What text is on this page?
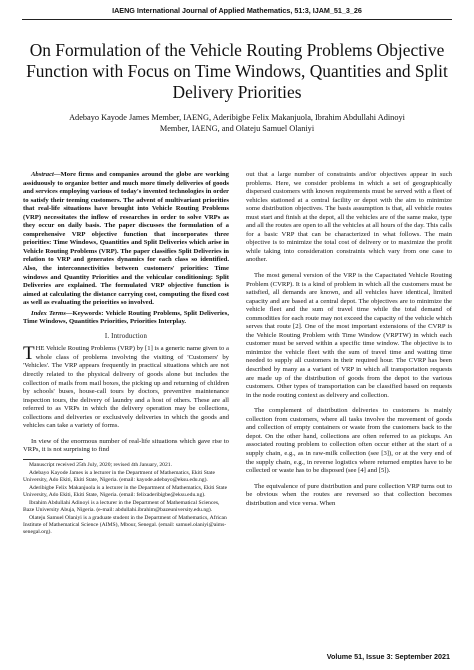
IAENG International Journal of Applied Mathematics, 51:3, IJAM_51_3_26
On Formulation of the Vehicle Routing Problems Objective Function with Focus on Time Windows, Quantities and Split Delivery Priorities
Adebayo Kayode James Member, IAENG, Aderibigbe Felix Makanjuola, Ibrahim Abdullahi Adinoyi Member, IAENG, and Olateju Samuel Olaniyi

Abstract—More firms and companies around the globe are working assiduously to organize better and much more timely deliveries of goods and services employing various of today's invented technologies in order to satisfy their teeming customers. The advent of multivariant priorities that real-life situations have brought into Vehicle Routing Problems (VRP) necessitates the inflow of researches in order to solve VRPs as they occur on daily basis. The paper discusses the formulation of a comprehensive VRP objective function that incorporates three priorities: Time Windows, Quantities and Split Deliveries which arise in Vehicle Routing Problems (VRP). The paper classifies Split Deliveries in relation to VRP and generates dynamics for each class so identified. Also, the interconnectivities between customers' priorities: Time windows and Quantity Priorities and the vehicular conditioning: Split Deliveries are explained. The formulated VRP objective function is aimed at calculating the distance carrying cost, computing the fixed cost as well as evaluating the priorities so involved.

Index Terms—Keywords: Vehicle Routing Problems, Split Deliveries, Time Windows, Quantities Priorities, Priorities Interplay.

I. Introduction

THE Vehicle Routing Problems (VRP) by [1] is a generic name given to a whole class of problems involving the visiting of 'Customers' by 'Vehicles'. The VRP appears frequently in practical situations which are not directly related to the physical delivery of goods alone but includes the collection of mails from mail boxes, the picking up and returning of children by schools' buses, house-call tours by doctors, preventive maintenance inspection tours, the delivery of laundry and a host of others. These are all referred to as VRPs in which the delivery operation may be collections, collections and deliveries or exclusively deliveries in which the goods and vehicles can take a variety of forms.

In view of the enormous number of real-life situations which gave rise to VRPs, it is not surprising to find

Manuscript received 25th July, 2020; revised 4th January, 2021.

Adebayo Kayode James is a lecturer in the Department of Mathematics, Ekiti State University, Ado Ekiti, Ekiti State, Nigeria. (email: kayode.adebayo@eksu.edu.ng).

Aderibigbe Felix Makanjuola is a lecturer in the Department of Mathematics, Ekiti State University, Ado Ekiti, Ekiti State, Nigeria. (email: felixaderibigbe@eksu.edu.ng).

Ibrahim Abdullahi Adinoyi is a lecturer in the Department of Mathematical Sciences, Baze University Abuja, Nigeria. (e-mail: abdullahi.ibrahim@bazeuniversity.edu.ng).

Olateju Samuel Olaniyi is a graduate student in the Department of Mathematics, African Institute of Mathematical Science (AIMS), Mbour, Senegal. (email: samuel.olaniyi@aims-senegal.org).

out that a large number of constraints and/or objectives appear in such problems. Here, we consider problems in which a set of geographically dispersed customers with known requirements must be served with a fleet of vehicles stationed at a central facility or depot with the aim to minimize some distribution objectives. The basis assumption is that, all vehicle routes must start and finish at the depot, all the vehicles are of the same make, type and all the routes are open to all the vehicles at all hours of the day. This calls for a basic VRP that can be characterized in what follows. The main objective is to minimize the total cost of delivery or to maximize the profit while taking into consideration constraints which vary from one case to another.

The most general version of the VRP is the Capacitated Vehicle Routing Problem (CVRP). It is a kind of problem in which all the customers must be satisfied, all demands are known, and all vehicles have identical, limited capacity and are based at a central depot. The objectives are to minimize the vehicle fleet and the sum of travel time while the total demand of commodities for each route may not exceed the capacity of the vehicle which serves that route [2]. One of the most important extensions of the CVRP is the Vehicle Routing Problem with Time Window (VRPTW) in which each customer must be served within a specific time window. The objective is to minimize the vehicle fleet with the sum of travel time and waiting time needed to supply all customers in their required hour. The CVRP has been described by many as a variant of VRP in which all transportation requests are made up of the distribution of goods from the depot to the various customers. Other types of transportation can be classified based on requests in the node routing context as delivery and collection.

The complement of distribution deliveries to customers is mainly collection from customers, where all tasks involve the movement of goods and collection of empty containers or waste from the customers back to the depot. On the other hand, collections are often referred to as pickups. An associated routing problem to collection often occur either at the start of a supply chain, e.g., as in raw-milk collection (see [3]), or at the very end of the supply chain, e.g., in reverse logistics where returned empties have to be collected or waste has to be disposed (see [4] and [5]).

The equivalence of pure distribution and pure collection VRP turns out to be obvious when the routes are reversed so that collection becomes distribution and vice versa. When

Volume 51, Issue 3: September 2021
